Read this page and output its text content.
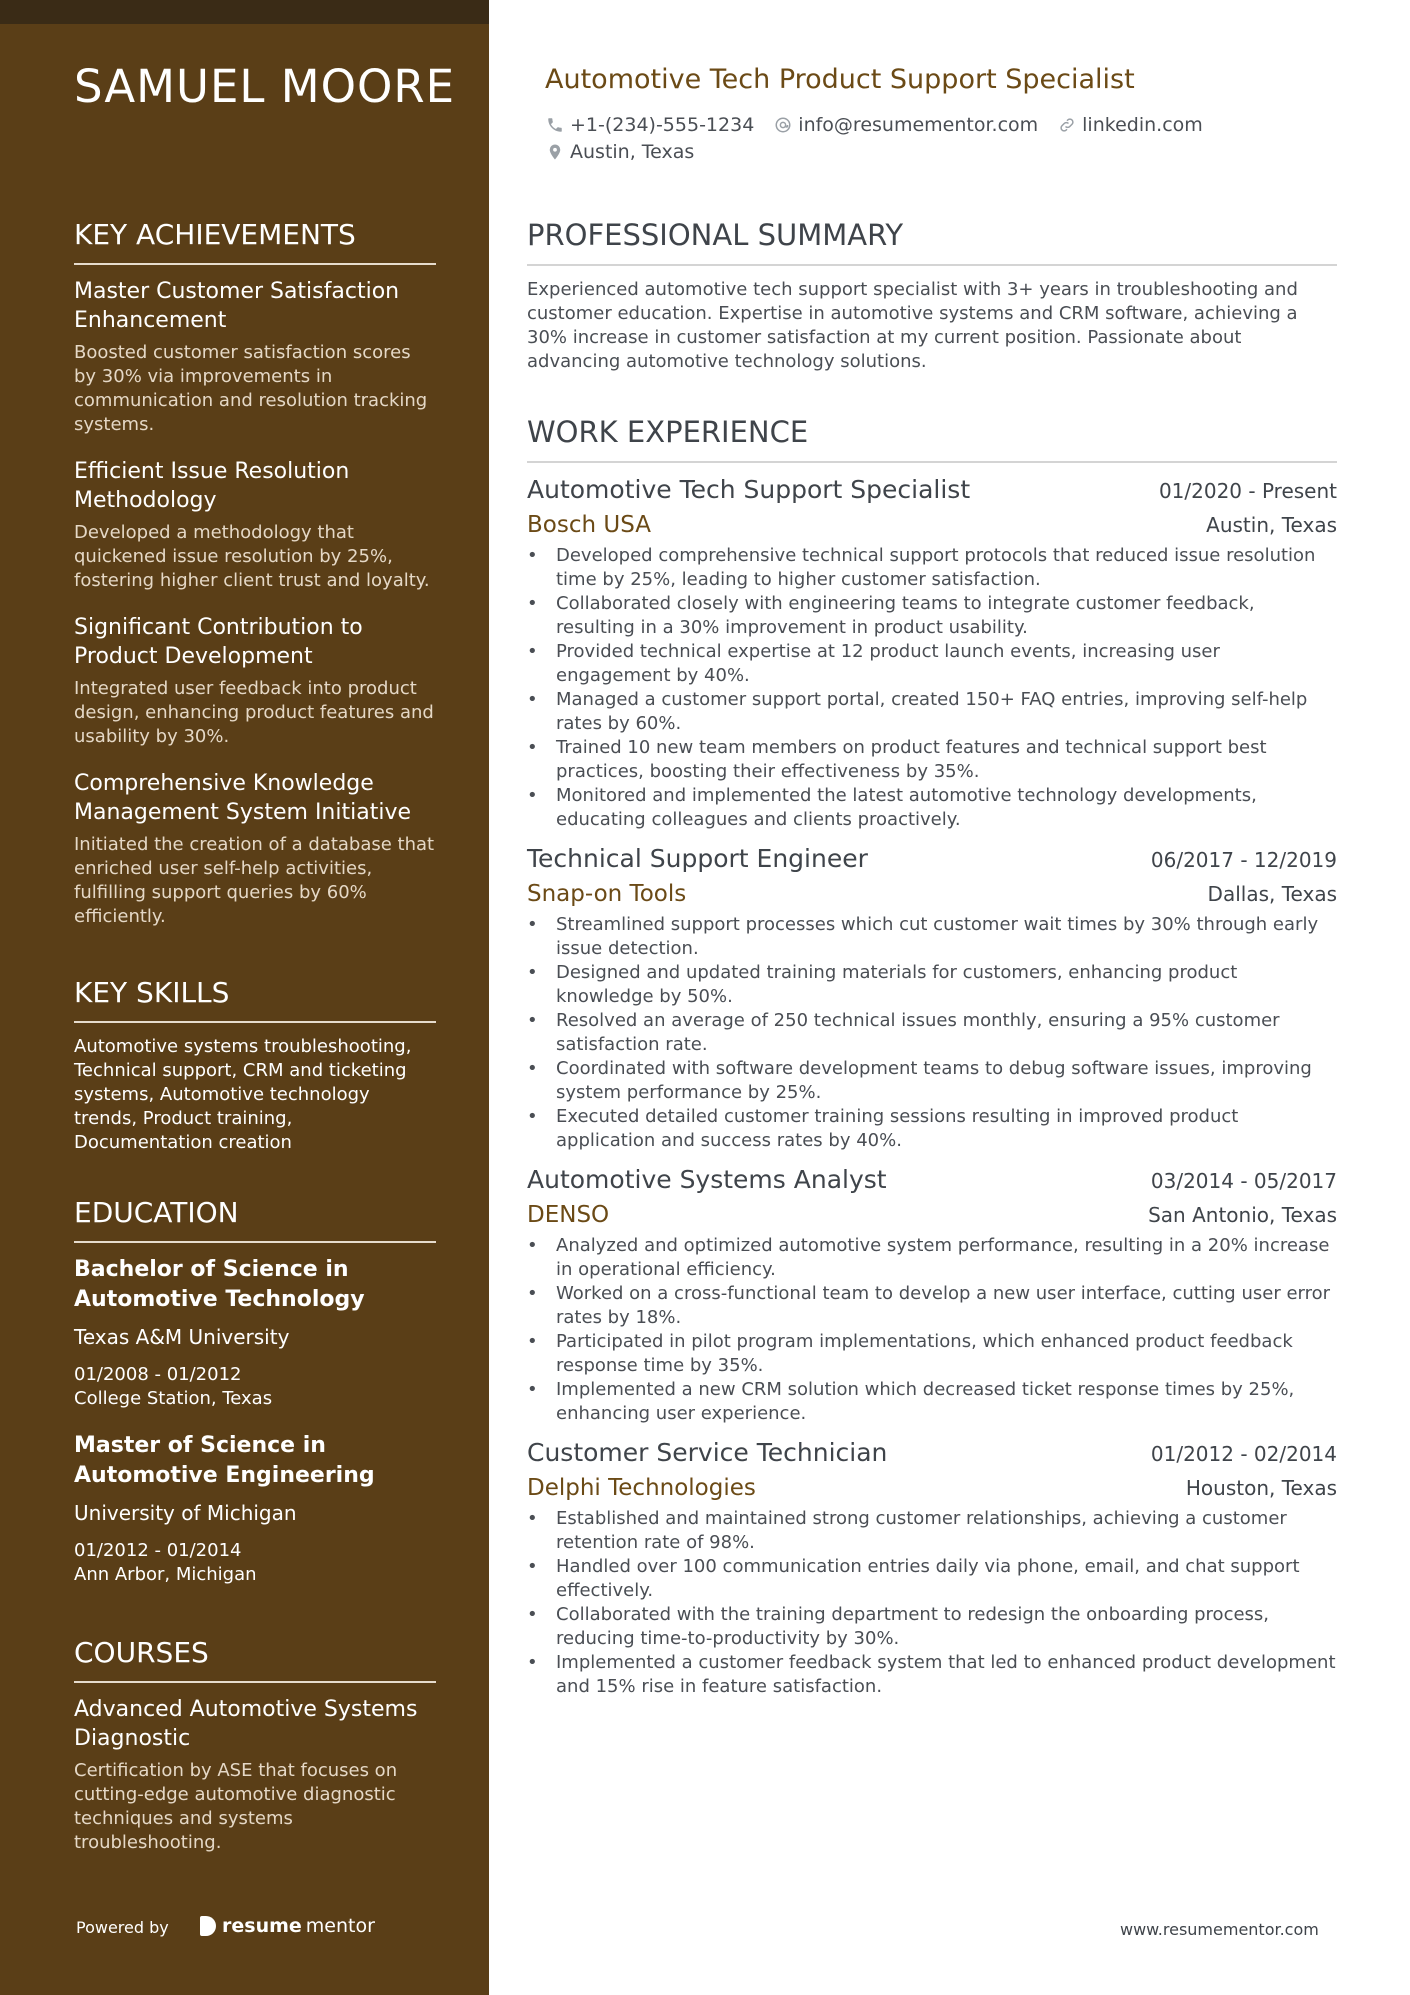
SAMUEL MOORE
KEY ACHIEVEMENTS
Master Customer Satisfaction Enhancement
Boosted customer satisfaction scores by 30% via improvements in communication and resolution tracking systems.
Efficient Issue Resolution Methodology
Developed a methodology that quickened issue resolution by 25%, fostering higher client trust and loyalty.
Significant Contribution to Product Development
Integrated user feedback into product design, enhancing product features and usability by 30%.
Comprehensive Knowledge Management System Initiative
Initiated the creation of a database that enriched user self-help activities, fulfilling support queries by 60% efficiently.
KEY SKILLS
Automotive systems troubleshooting, Technical support, CRM and ticketing systems, Automotive technology trends, Product training, Documentation creation
EDUCATION
Bachelor of Science in Automotive Technology
Texas A&M University
01/2008 - 01/2012
College Station, Texas
Master of Science in Automotive Engineering
University of Michigan
01/2012 - 01/2014
Ann Arbor, Michigan
COURSES
Advanced Automotive Systems Diagnostic
Certification by ASE that focuses on cutting-edge automotive diagnostic techniques and systems troubleshooting.
Powered by	resume mentor
Automotive Tech Product Support Specialist
+1-(234)-555-1234 info@resumementor.com linkedin.com
Austin, Texas
PROFESSIONAL SUMMARY
Experienced automotive tech support specialist with 3+ years in troubleshooting and customer education. Expertise in automotive systems and CRM software, achieving a 30% increase in customer satisfaction at my current position. Passionate about advancing automotive technology solutions.
WORK EXPERIENCE
Automotive Tech Support Specialist	01/2020 - Present
Bosch USA	Austin, Texas
• Developed comprehensive technical support protocols that reduced issue resolution time by 25%, leading to higher customer satisfaction.
• Collaborated closely with engineering teams to integrate customer feedback, resulting in a 30% improvement in product usability.
• Provided technical expertise at 12 product launch events, increasing user engagement by 40%.
• Managed a customer support portal, created 150+ FAQ entries, improving self-help rates by 60%.
• Trained 10 new team members on product features and technical support best practices, boosting their effectiveness by 35%.
• Monitored and implemented the latest automotive technology developments, educating colleagues and clients proactively.
Technical Support Engineer	06/2017 - 12/2019
Snap-on Tools	Dallas, Texas
• Streamlined support processes which cut customer wait times by 30% through early issue detection.
• Designed and updated training materials for customers, enhancing product knowledge by 50%.
• Resolved an average of 250 technical issues monthly, ensuring a 95% customer satisfaction rate.
• Coordinated with software development teams to debug software issues, improving system performance by 25%.
• Executed detailed customer training sessions resulting in improved product application and success rates by 40%.
Automotive Systems Analyst	03/2014 - 05/2017
DENSO	San Antonio, Texas
• Analyzed and optimized automotive system performance, resulting in a 20% increase in operational efficiency.
• Worked on a cross-functional team to develop a new user interface, cutting user error rates by 18%.
• Participated in pilot program implementations, which enhanced product feedback response time by 35%.
• Implemented a new CRM solution which decreased ticket response times by 25%, enhancing user experience.
Customer Service Technician	01/2012 - 02/2014
Delphi Technologies	Houston, Texas
• Established and maintained strong customer relationships, achieving a customer retention rate of 98%.
• Handled over 100 communication entries daily via phone, email, and chat support effectively.
• Collaborated with the training department to redesign the onboarding process, reducing time-to-productivity by 30%.
• Implemented a customer feedback system that led to enhanced product development and 15% rise in feature satisfaction.
www.resumementor.com
